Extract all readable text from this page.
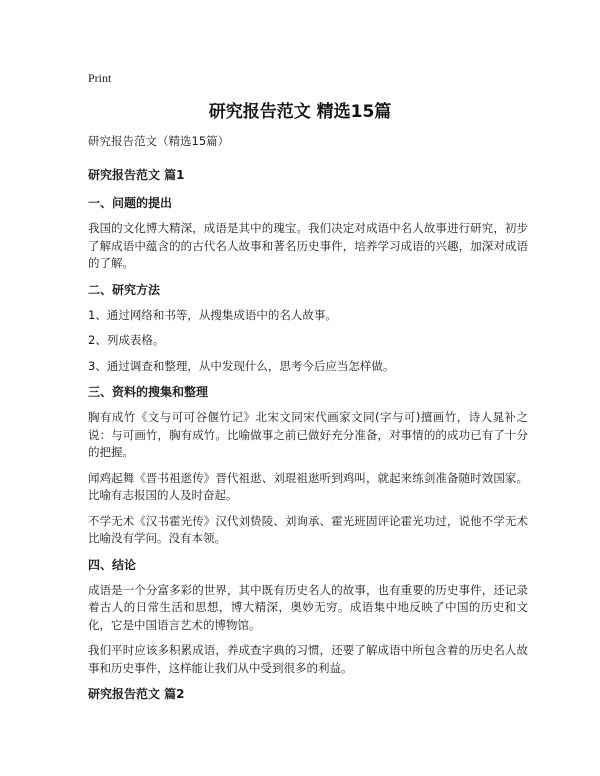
Print
研究报告范文 精选15篇

研究报告范文（精选15篇）

研究报告范文 篇1
一、问题的提出

我国的文化博大精深，成语是其中的瑰宝。我们决定对成语中名人故事进行研究，初步了解成语中蕴含的的古代名人故事和著名历史事件，培养学习成语的兴趣，加深对成语的了解。

二、研究方法

1、通过网络和书等，从搜集成语中的名人故事。

2、列成表格。

3、通过调查和整理，从中发现什么，思考今后应当怎样做。

三、资料的搜集和整理

胸有成竹《文与可可谷偃竹记》北宋文同宋代画家文同(字与可)擅画竹，诗人晁补之说：与可画竹，胸有成竹。比喻做事之前已做好充分准备，对事情的的成功已有了十分的把握。

闻鸡起舞《晋书祖逖传》晋代祖逖、刘琨祖逖听到鸡叫，就起来练剑准备随时效国家。比喻有志报国的人及时奋起。

不学无术《汉书霍光传》汉代刘贽陵、刘询承、霍光班固评论霍光功过，说他不学无术比喻没有学问。没有本领。

四、结论

成语是一个分富多彩的世界，其中既有历史名人的故事，也有重要的历史事件，还记录着古人的日常生活和思想，博大精深，奥妙无穷。成语集中地反映了中国的历史和文化，它是中国语言艺术的博物馆。

我们平时应该多积累成语，养成查字典的习惯，还要了解成语中所包含着的历史名人故事和历史事件，这样能让我们从中受到很多的利益。

研究报告范文 篇2
